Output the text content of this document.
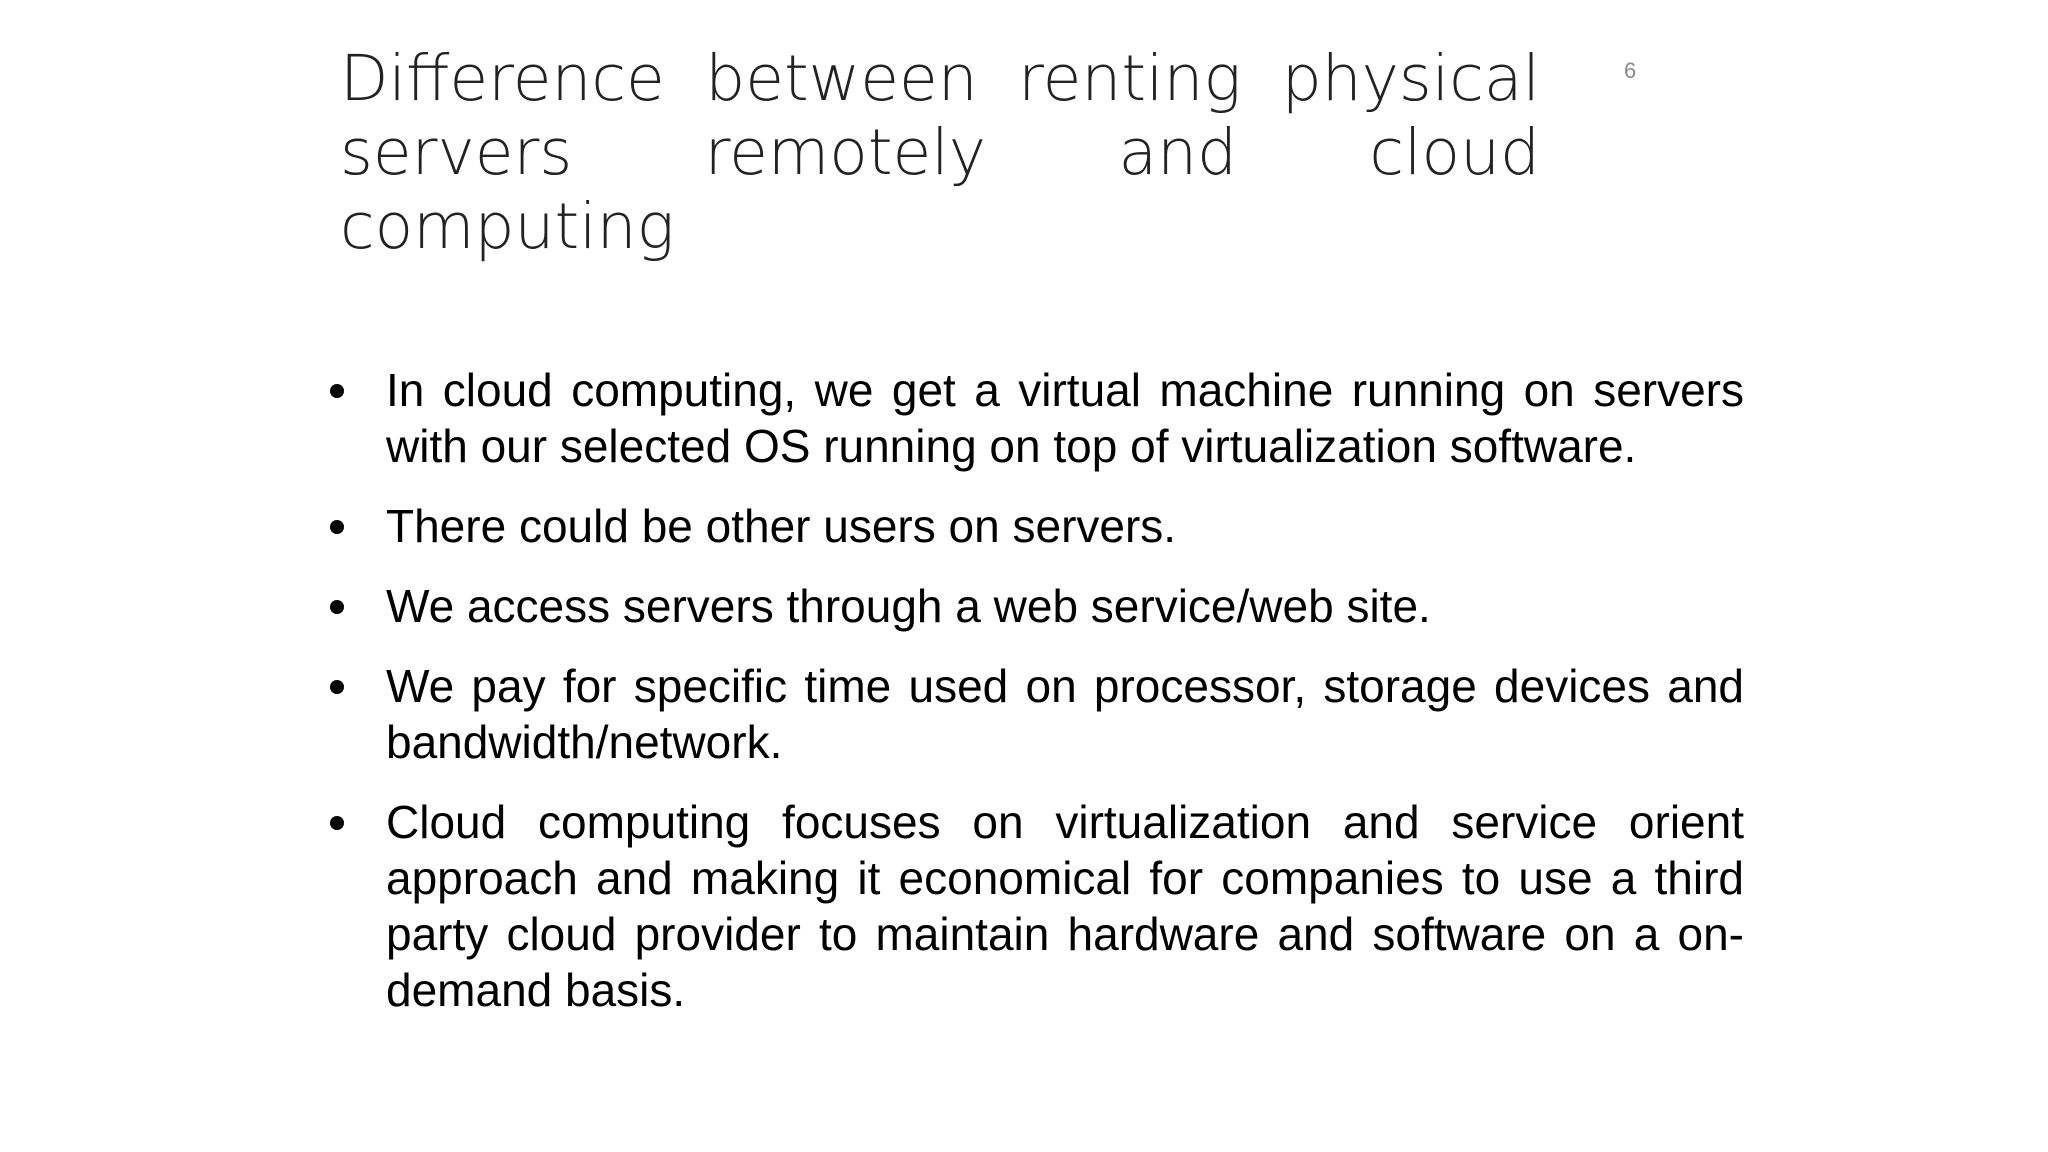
Difference between renting physical servers remotely and cloud computing
6
In cloud computing, we get a virtual machine running on servers with our selected OS running on top of virtualization software.
There could be other users on servers.
We access servers through a web service/web site.
We pay for specific time used on processor, storage devices and bandwidth/network.
Cloud computing focuses on virtualization and service orient approach and making it economical for companies to use a third party cloud provider to maintain hardware and software on a on-demand basis.
